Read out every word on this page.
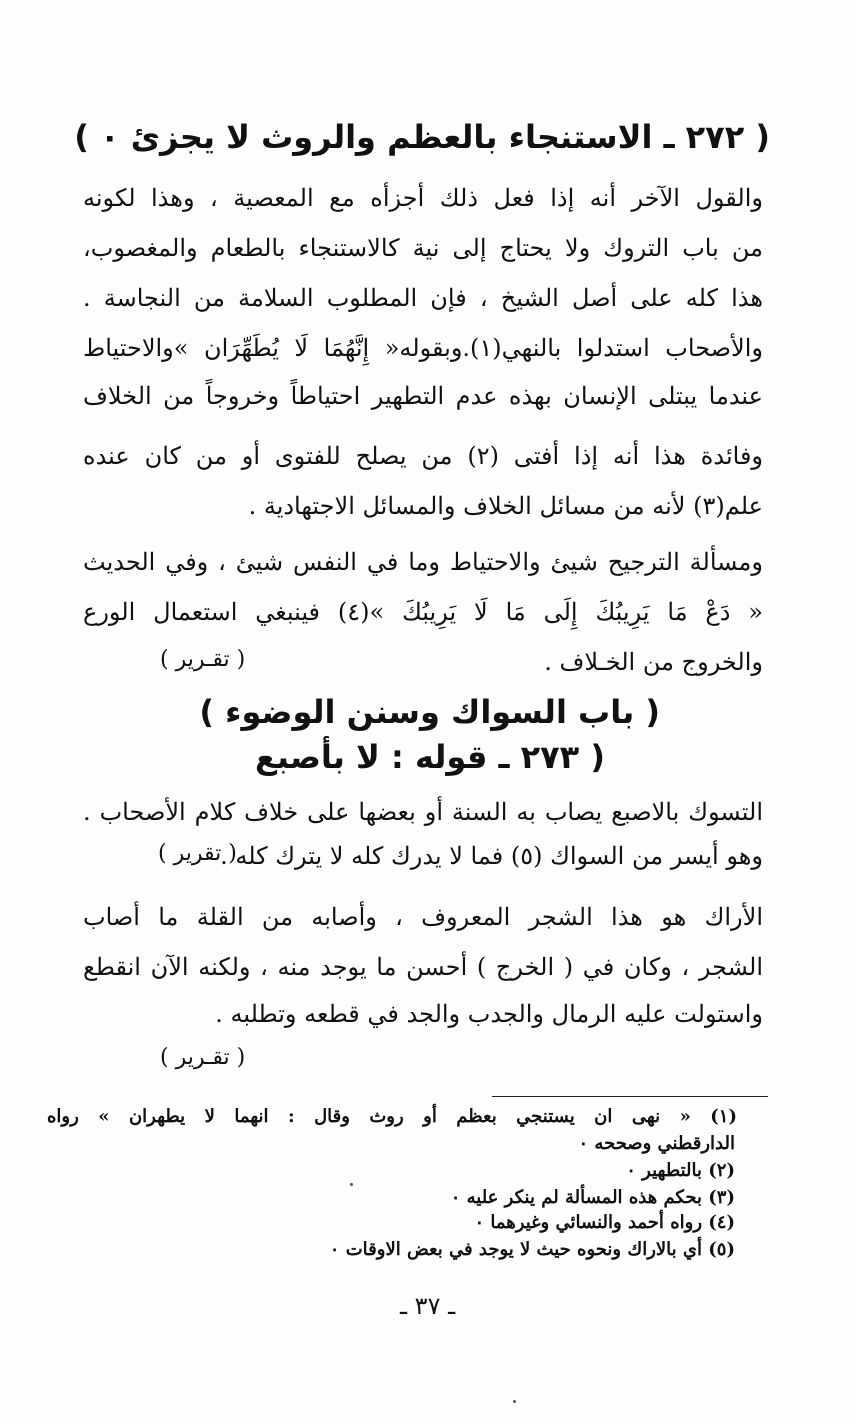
( ٢٧٢ ـ الاستنجاء بالعظم والروث لا يجزئ ٠ )
والقول الآخر أنه إذا فعل ذلك أجزأه مع المعصية ، وهذا لكونه
من باب التروك ولا يحتاج إلى نية كالاستنجاء بالطعام والمغصوب،
هذا كله على أصل الشيخ ، فإن المطلوب السلامة من النجاسة .
والأصحاب استدلوا بالنهي(١).وبقوله« إِنَّهُمَا لَا يُطَهِّرَان »والاحتياط
عندما يبتلى الإنسان بهذه عدم التطهير احتياطاً وخروجاً من الخلاف
وفائدة هذا أنه إذا أفتى (٢) من يصلح للفتوى أو من كان عنده
علم(٣) لأنه من مسائل الخلاف والمسائل الاجتهادية .
ومسألة الترجيح شيئ والاحتياط وما في النفس شيئ ، وفي الحديث
« دَعْ مَا يَرِيبُكَ إِلَى مَا لَا يَرِيبُكَ »(٤) فينبغي استعمال الورع
والخروج من الخـلاف .
( تقـرير )
( باب السواك وسنن الوضوء )
( ٢٧٣ ـ قوله : لا بأصبع
التسوك بالاصبع يصاب به السنة أو بعضها على خلاف كلام الأصحاب .
وهو أيسر من السواك (٥) فما لا يدرك كله لا يترك كله .
( تقرير )
الأراك هو هذا الشجر المعروف ، وأصابه من القلة ما أصاب
الشجر ، وكان في ( الخرج ) أحسن ما يوجد منه ، ولكنه الآن انقطع
واستولت عليه الرمال والجدب والجد في قطعه وتطلبه .
( تقـرير )
(١) « نهى ان يستنجي بعظم أو روث وقال : انهما لا يطهران » رواه
الدارقطني وصححه ٠
(٢) بالتطهير ٠
(٣) بحكم هذه المسألة لم ينكر عليه ٠
(٤) رواه أحمد والنسائي وغيرهما ٠
(٥) أي بالاراك ونحوه حيث لا يوجد في بعض الاوقات ٠
ـ ٣٧ ـ
